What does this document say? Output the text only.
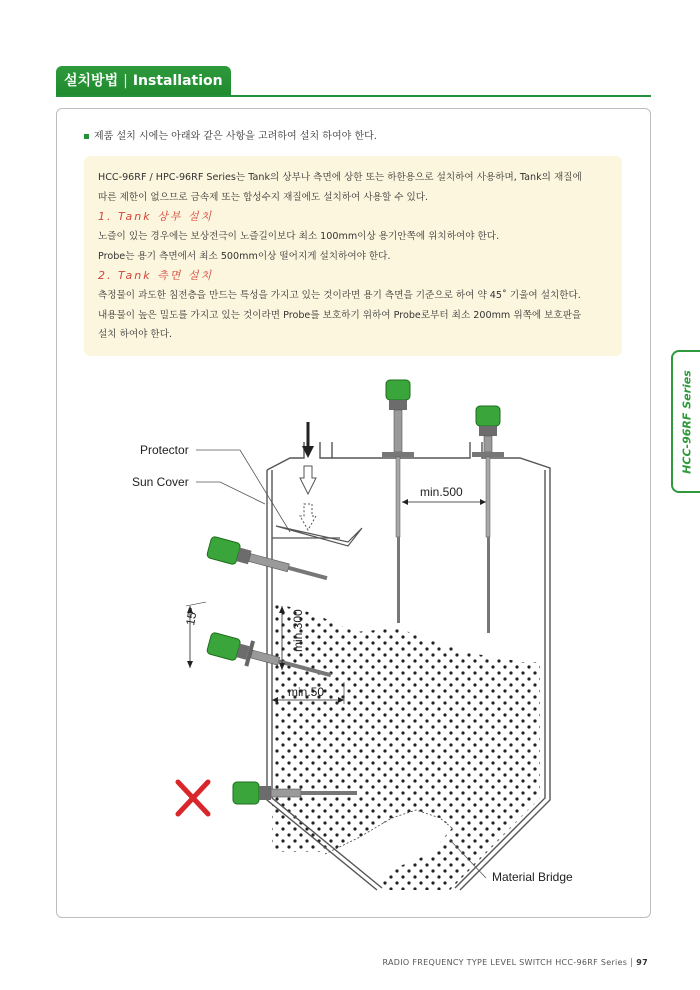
설치방법 | Installation
제품 설치 시에는 아래와 같은 사항을 고려하여 설치 하여야 한다.

HCC-96RF / HPC-96RF Series는 Tank의 상부나 측면에 상한 또는 하한용으로 설치하여 사용하며, Tank의 재질에

따른 제한이 없으므로 금속제 또는 합성수지 재질에도 설치하여 사용할 수 있다.

1. Tank 상부 설치

노즐이 있는 경우에는 보상전극이 노즐길이보다 최소 100mm이상 용기안쪽에 위치하여야 한다.

Probe는 용기 측면에서 최소 500mm이상 떨어지게 설치하여야 한다.

2. Tank 측면 설치

측정물이 과도한 침전층을 만드는 특성을 가지고 있는 것이라면 용기 측면을 기준으로 하여 약 45˚ 기울여 설치한다.

내용물이 높은 밀도를 가지고 있는 것이라면 Probe를 보호하기 위하여 Probe로부터 최소 200mm 위쪽에 보호판을

설치 하여야 한다.

HCC-96RF Series
Protector
Sun Cover
min.500
min.300
min.50
15°
Material Bridge
RADIO FREQUENCY TYPE LEVEL SWITCH HCC-96RF Series 97
